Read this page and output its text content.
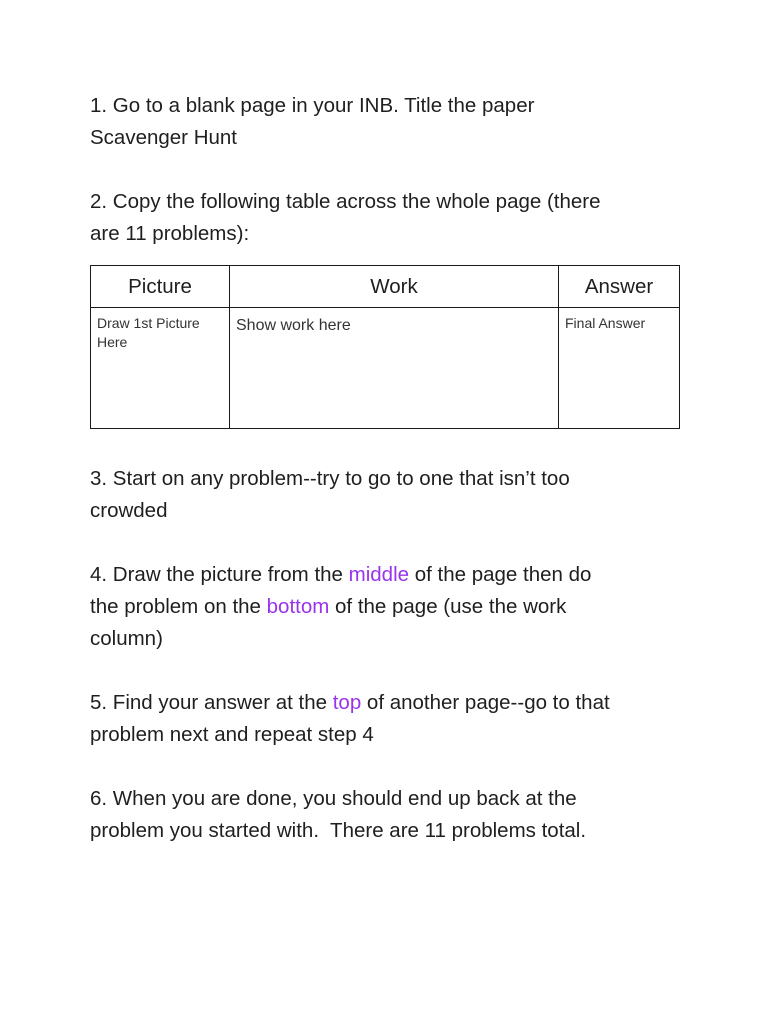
1. Go to a blank page in your INB. Title the paper
Scavenger Hunt

2. Copy the following table across the whole page (there
are 11 problems):

Picture	Work	Answer
Draw 1st Picture Here	Show work here	Final Answer

3. Start on any problem--try to go to one that isn’t too
crowded

4. Draw the picture from the middle of the page then do
the problem on the bottom of the page (use the work
column)

5. Find your answer at the top of another page--go to that
problem next and repeat step 4

6. When you are done, you should end up back at the
problem you started with.  There are 11 problems total.
